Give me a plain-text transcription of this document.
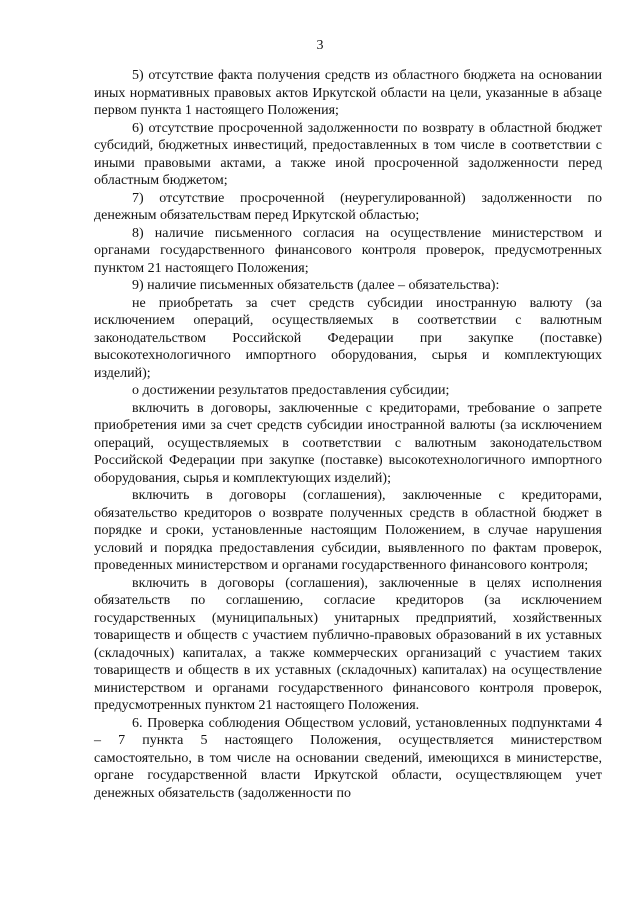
3

5) отсутствие факта получения средств из областного бюджета на основании иных нормативных правовых актов Иркутской области на цели, указанные в абзаце первом пункта 1 настоящего Положения;

6) отсутствие просроченной задолженности по возврату в областной бюджет субсидий, бюджетных инвестиций, предоставленных в том числе в соответствии с иными правовыми актами, а также иной просроченной задолженности перед областным бюджетом;

7) отсутствие просроченной (неурегулированной) задолженности по денежным обязательствам перед Иркутской областью;

8) наличие письменного согласия на осуществление министерством и органами государственного финансового контроля проверок, предусмотренных пунктом 21 настоящего Положения;

9) наличие письменных обязательств (далее – обязательства):

не приобретать за счет средств субсидии иностранную валюту (за исключением операций, осуществляемых в соответствии с валютным законодательством Российской Федерации при закупке (поставке) высокотехнологичного импортного оборудования, сырья и комплектующих изделий);

о достижении результатов предоставления субсидии;

включить в договоры, заключенные с кредиторами, требование о запрете приобретения ими за счет средств субсидии иностранной валюты (за исключением операций, осуществляемых в соответствии с валютным законодательством Российской Федерации при закупке (поставке) высокотехнологичного импортного оборудования, сырья и комплектующих изделий);

включить в договоры (соглашения), заключенные с кредиторами, обязательство кредиторов о возврате полученных средств в областной бюджет в порядке и сроки, установленные настоящим Положением, в случае нарушения условий и порядка предоставления субсидии, выявленного по фактам проверок, проведенных министерством и органами государственного финансового контроля;

включить в договоры (соглашения), заключенные в целях исполнения обязательств по соглашению, согласие кредиторов (за исключением государственных (муниципальных) унитарных предприятий, хозяйственных товариществ и обществ с участием публично-правовых образований в их уставных (складочных) капиталах, а также коммерческих организаций с участием таких товариществ и обществ в их уставных (складочных) капиталах) на осуществление министерством и органами государственного финансового контроля проверок, предусмотренных пунктом 21 настоящего Положения.

6. Проверка соблюдения Обществом условий, установленных подпунктами 4 – 7 пункта 5 настоящего Положения, осуществляется министерством самостоятельно, в том числе на основании сведений, имеющихся в министерстве, органе государственной власти Иркутской области, осуществляющем учет денежных обязательств (задолженности по
